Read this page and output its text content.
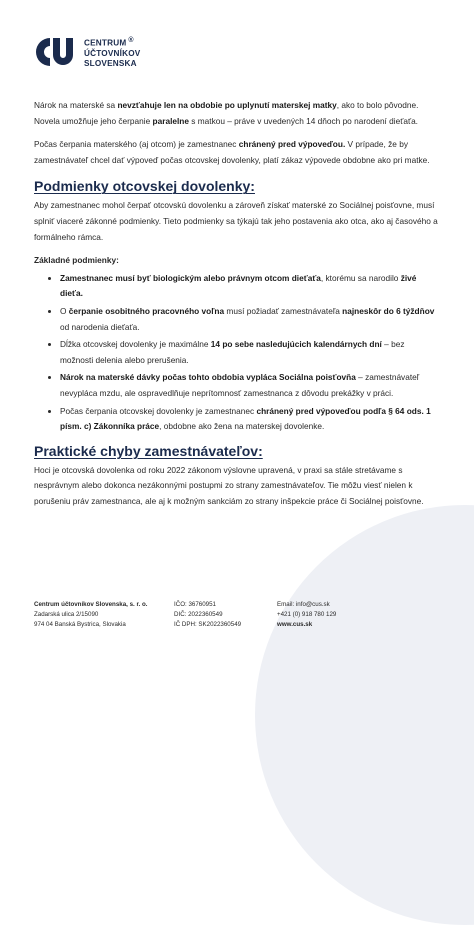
CENTRUM ®
ÚČTOVNÍKOV
SLOVENSKA

Nárok na materské sa nevzťahuje len na obdobie po uplynutí materskej matky, ako to bolo pôvodne. Novela umožňuje jeho čerpanie paralelne s matkou – práve v uvedených 14 dňoch po narodení dieťaťa.

Počas čerpania materského (aj otcom) je zamestnanec chránený pred výpoveďou. V prípade, že by zamestnávateľ chcel dať výpoveď počas otcovskej dovolenky, platí zákaz výpovede obdobne ako pri matke.

Podmienky otcovskej dovolenky:

Aby zamestnanec mohol čerpať otcovskú dovolenku a zároveň získať materské zo Sociálnej poisťovne, musí splniť viaceré zákonné podmienky. Tieto podmienky sa týkajú tak jeho postavenia ako otca, ako aj časového a formálneho rámca.

Základné podmienky:

• Zamestnanec musí byť biologickým alebo právnym otcom dieťaťa, ktorému sa narodilo živé dieťa.
• O čerpanie osobitného pracovného voľna musí požiadať zamestnávateľa najneskôr do 6 týždňov od narodenia dieťaťa.
• Dĺžka otcovskej dovolenky je maximálne 14 po sebe nasledujúcich kalendárnych dní – bez možnosti delenia alebo prerušenia.
• Nárok na materské dávky počas tohto obdobia vypláca Sociálna poisťovňa – zamestnávateľ nevypláca mzdu, ale ospravedlňuje neprítomnosť zamestnanca z dôvodu prekážky v práci.
• Počas čerpania otcovskej dovolenky je zamestnanec chránený pred výpoveďou podľa § 64 ods. 1 písm. c) Zákonníka práce, obdobne ako žena na materskej dovolenke.
Praktické chyby zamestnávateľov:

Hoci je otcovská dovolenka od roku 2022 zákonom výslovne upravená, v praxi sa stále stretávame s nesprávnym alebo dokonca nezákonnými postupmi zo strany zamestnávateľov. Tie môžu viesť nielen k porušeniu práv zamestnanca, ale aj k možným sankciám zo strany inšpekcie práce či Sociálnej poisťovne.

Centrum účtovníkov Slovenska, s. r. o.
Zadarská ulica 2/15090
974 04 Banská Bystrica, Slovakia
IČO: 36760951
DIČ: 2022360549
IČ DPH: SK2022360549
Email: info@cus.sk
+421 (0) 918 780 129
www.cus.sk
